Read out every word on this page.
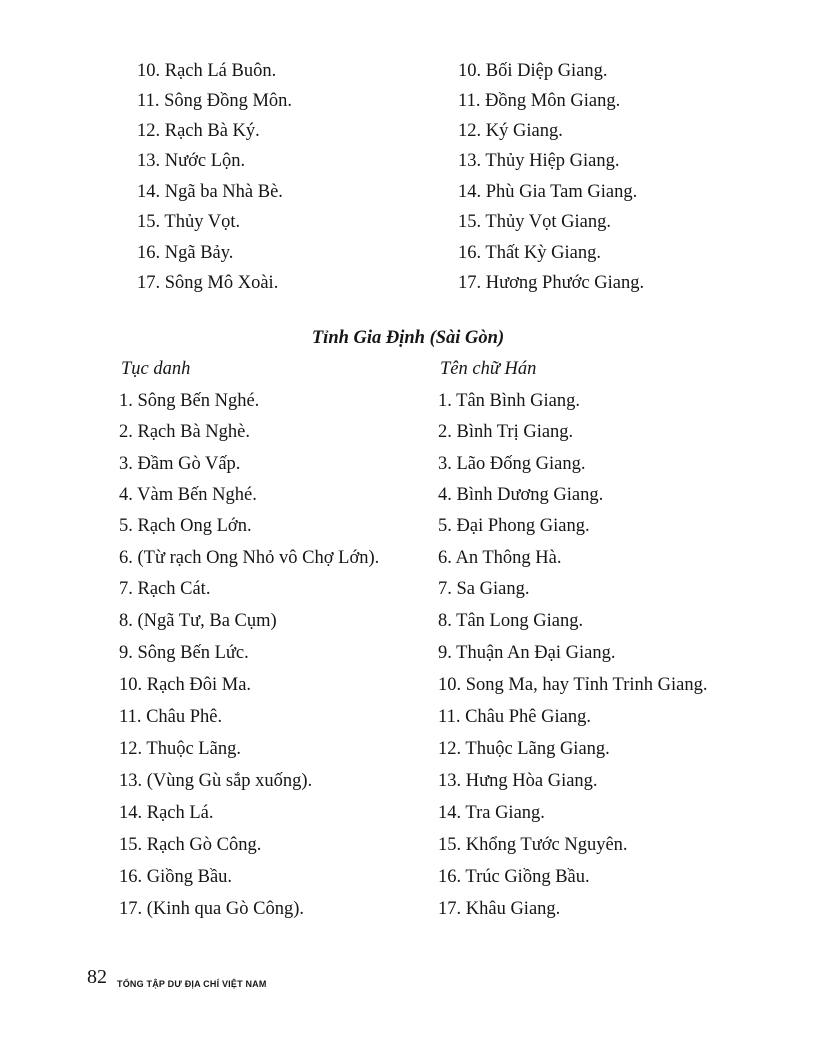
10. Rạch Lá Buôn.
11. Sông Đồng Môn.
12. Rạch Bà Ký.
13. Nước Lộn.
14. Ngã ba Nhà Bè.
15. Thủy Vọt.
16. Ngã Bảy.
17. Sông Mô Xoài.
10. Bối Diệp Giang.
11. Đồng Môn Giang.
12. Ký Giang.
13. Thủy Hiệp Giang.
14. Phù Gia Tam Giang.
15. Thủy Vọt Giang.
16. Thất Kỳ Giang.
17. Hương Phước Giang.
Tỉnh Gia Định (Sài Gòn)
Tục danh	Tên chữ Hán
1. Sông Bến Nghé.
2. Rạch Bà Nghè.
3. Đầm Gò Vấp.
4. Vàm Bến Nghé.
5. Rạch Ong Lớn.
6. (Từ rạch Ong Nhỏ vô Chợ Lớn).
7. Rạch Cát.
8. (Ngã Tư, Ba Cụm)
9. Sông Bến Lức.
10. Rạch Đôi Ma.
11. Châu Phê.
12. Thuộc Lãng.
13. (Vùng Gù sắp xuống).
14. Rạch Lá.
15. Rạch Gò Công.
16. Giồng Bầu.
17. (Kinh qua Gò Công).
1. Tân Bình Giang.
2. Bình Trị Giang.
3. Lão Đống Giang.
4. Bình Dương Giang.
5. Đại Phong Giang.
6. An Thông Hà.
7. Sa Giang.
8. Tân Long Giang.
9. Thuận An Đại Giang.
10. Song Ma, hay Tỉnh Trinh Giang.
11. Châu Phê Giang.
12. Thuộc Lãng Giang.
13. Hưng Hòa Giang.
14. Tra Giang.
15. Khổng Tước Nguyên.
16. Trúc Giồng Bầu.
17. Khâu Giang.
82 TỔNG TẬP DƯ ĐỊA CHÍ VIỆT NAM
